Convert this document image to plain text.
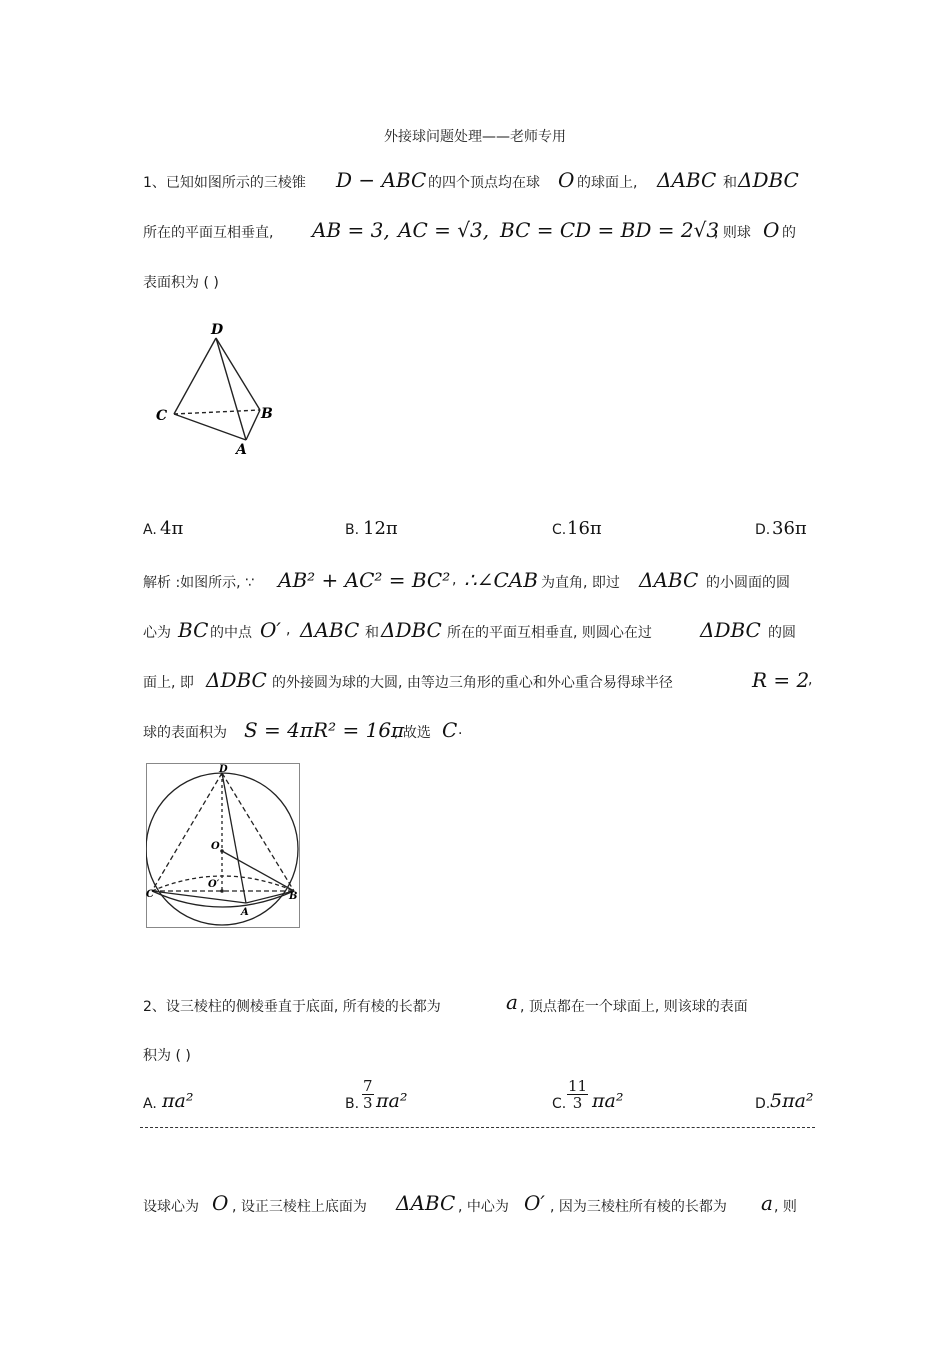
外接球问题处理——老师专用
1、已知如图所示的三棱锥 D − ABC 的四个顶点均在球 O 的球面上, ΔABC 和 ΔDBC
所在的平面互相垂直, AB = 3, AC = √3, BC = CD = BD = 2√3
, 则球 O 的
表面积为 ( )
D
C	B
A
A. 4π	B. 12π	C. 16π	D. 36π
解析 :如图所示, ∵ AB² + AC² = BC² , ∴∠CAB 为直角, 即过 ΔABC 的小圆面的圆
心为 BC 的中点 O′ , ΔABC 和 ΔDBC 所在的平面互相垂直, 则圆心在过 ΔDBC 的圆
面上, 即 ΔDBC 的外接圆为球的大圆, 由等边三角形的重心和外心重合易得球半径	R = 2
,
球的表面积为 S = 4πR² = 16π
, 故选 C .
D
O
O′
C	B
A
2、设三棱柱的侧棱垂直于底面, 所有棱的长都为	a , 顶点都在一个球面上, 则该球的表面
积为 ( )
A. πa²	B. $\frac{7}{3} \pi a^2$	C. $\frac{11}{3} \pi a^2$	D. 5πa²
设球心为 O , 设正三棱柱上底面为 ΔABC , 中心为 O′ , 因为三棱柱所有棱的长都为 a , 则
